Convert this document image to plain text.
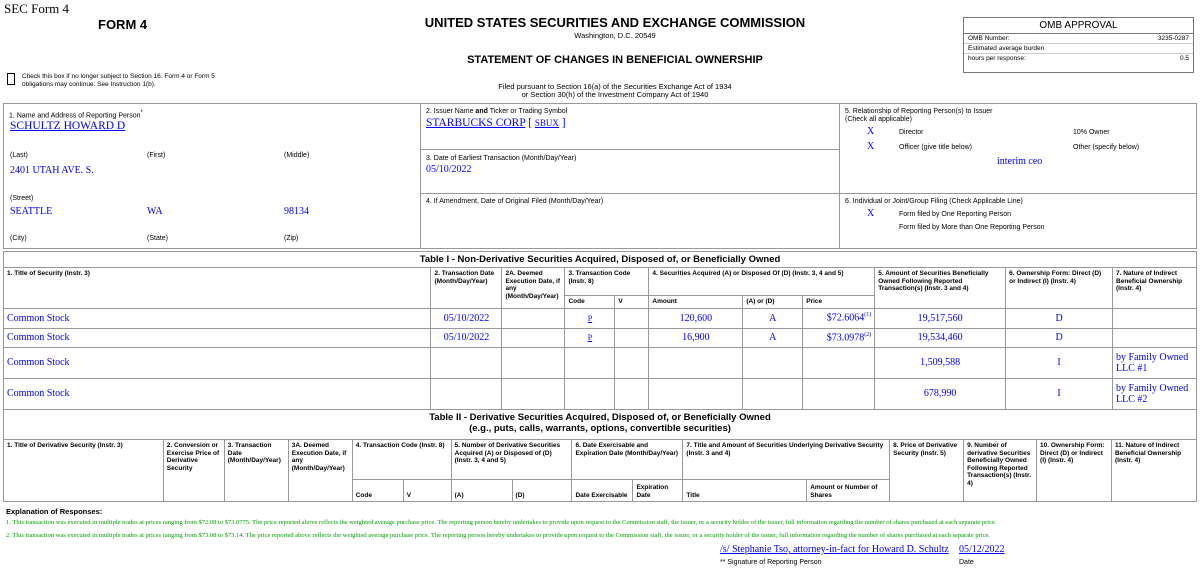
SEC Form 4
FORM 4	UNITED STATES SECURITIES AND EXCHANGE COMMISSION
Washington, D.C. 20549
STATEMENT OF CHANGES IN BENEFICIAL OWNERSHIP
Filed pursuant to Section 16(a) of the Securities Exchange Act of 1934
or Section 30(h) of the Investment Company Act of 1940
OMB APPROVAL
OMB Number:	3235-0287
Estimated average burden
hours per response:	0.5
Check this box if no longer subject to Section 16. Form 4 or Form 5 obligations may continue. See Instruction 1(b).
1. Name and Address of Reporting Person*
SCHULTZ HOWARD D
(Last)	(First)	(Middle)
2401 UTAH AVE. S.
(Street)
SEATTLE	WA	98134
(City)	(State)	(Zip)
2. Issuer Name and Ticker or Trading Symbol
STARBUCKS CORP [ SBUX ]
3. Date of Earliest Transaction (Month/Day/Year)
05/10/2022
4. If Amendment, Date of Original Filed (Month/Day/Year)
5. Relationship of Reporting Person(s) to Issuer
(Check all applicable)
X	Director	10% Owner
X	Officer (give title below)	Other (specify below)
interim ceo
6. Individual or Joint/Group Filing (Check Applicable Line)
X	Form filed by One Reporting Person
Form filed by More than One Reporting Person
Table I - Non-Derivative Securities Acquired, Disposed of, or Beneficially Owned										
1. Title of Security (Instr. 3)	2. Transaction Date (Month/Day/Year)	2A. Deemed Execution Date, if any (Month/Day/Year)	3. Transaction Code (Instr. 8)		4. Securities Acquired (A) or Disposed Of (D) (Instr. 3, 4 and 5)			5. Amount of Securities Beneficially Owned Following Reported Transaction(s) (Instr. 3 and 4)	6. Ownership Form: Direct (D) or Indirect (I) (Instr. 4)	7. Nature of Indirect Beneficial Ownership (Instr. 4)
			Code	V	Amount	(A) or (D)	Price			
Common Stock	05/10/2022		P		120,600	A	$72.6064$^{(1)}$	19,517,560	D	
Common Stock	05/10/2022		P		16,900	A	$73.0978$^{(2)}$	19,534,460	D	
Common Stock								1,509,588	I	by Family Owned LLC #1
Common Stock								678,990	I	by Family Owned LLC #2
Table II - Derivative Securities Acquired, Disposed of, or Beneficially Owned
(e.g., puts, calls, warrants, options, convertible securities)															

1. Title of Derivative Security (Instr. 3)	2. Conversion or Exercise Price of Derivative Security	3. Transaction Date (Month/Day/Year)	3A. Deemed Execution Date, if any (Month/Day/Year)	4. Transaction Code (Instr. 8)		5. Number of Derivative Securities Acquired (A) or Disposed of (D) (Instr. 3, 4 and 5)		6. Date Exercisable and Expiration Date (Month/Day/Year)		7. Title and Amount of Securities Underlying Derivative Security (Instr. 3 and 4)		8. Price of Derivative Security (Instr. 5)	9. Number of derivative Securities Beneficially Owned Following Reported Transaction(s) (Instr. 4)	10. Ownership Form: Direct (D) or Indirect (I) (Instr. 4)	11. Nature of Indirect Beneficial Ownership (Instr. 4)
				Code	V	(A)	(D)	Date Exercisable	Expiration Date	Title	Amount or Number of Shares				
Explanation of Responses:
1. This transaction was executed in multiple trades at prices ranging from $72.08 to $73.0775. The price reported above reflects the weighted average purchase price. The reporting person hereby undertakes to provide upon request to the Commission staff, the issuer, or a security holder of the issuer, full information regarding the number of shares purchased at each separate price.
2. This transaction was executed in multiple trades at prices ranging from $73.08 to $73.14. The price reported above reflects the weighted average purchase price. The reporting person hereby undertakes to provide upon request to the Commission staff, the issuer, or a security holder of the issuer, full information regarding the number of shares purchased at each separate price.
/s/ Stephanie Tso, attorney-in-fact for Howard D. Schultz 05/12/2022
** Signature of Reporting Person	Date
